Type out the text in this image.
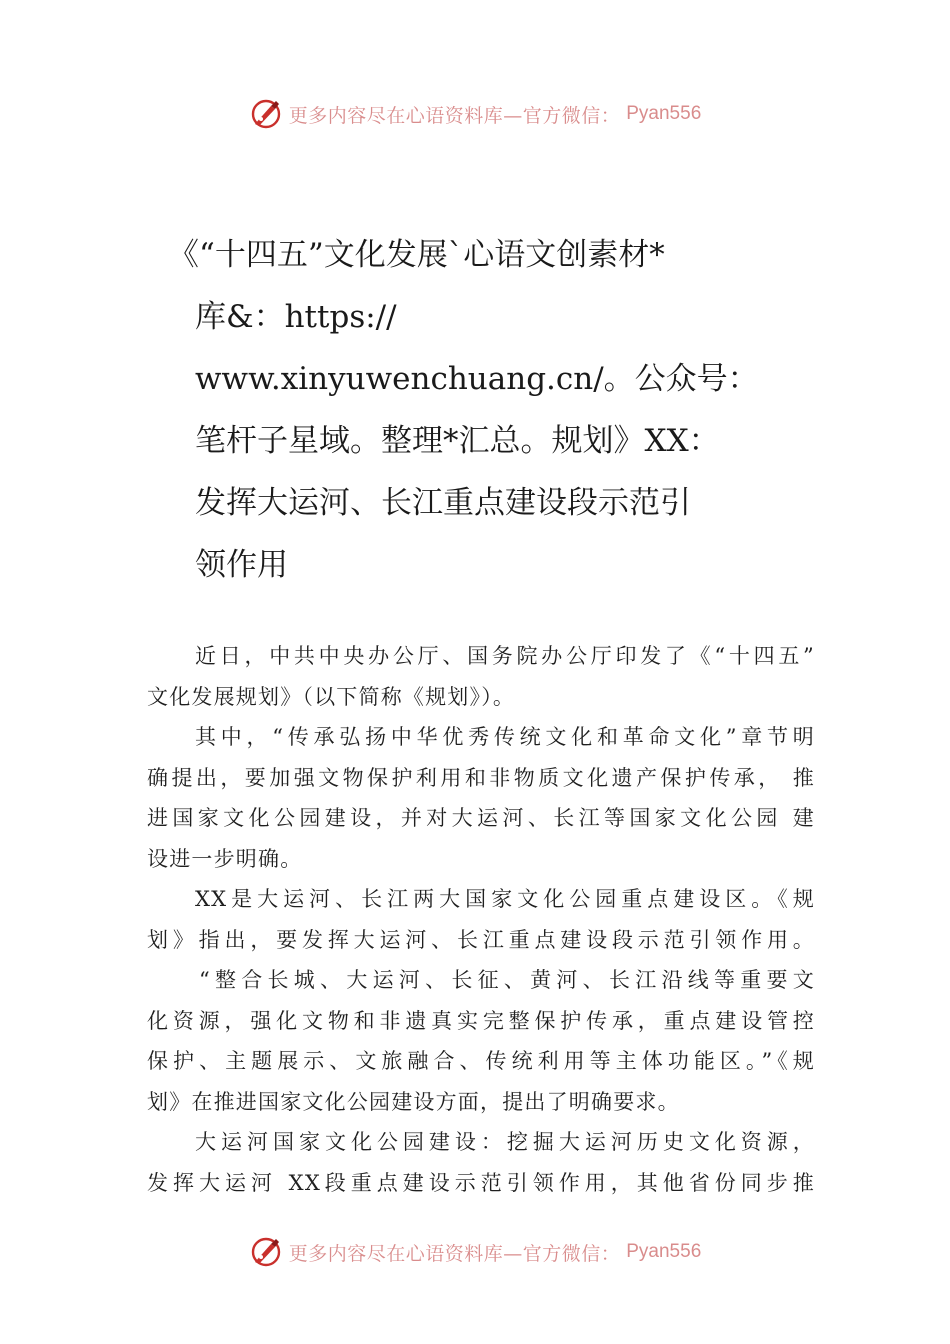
更多内容尽在心语资料库—官方微信： Pyan556
《“十四五”文化发展`心语文创素材*
库&：https://
www.xinyuwenchuang.cn/。公众号：
笔杆子星域。整理*汇总。规划》XX：
发挥大运河、长江重点建设段示范引
领作用
近日，中共中央办公厅、国务院办公厅印发了《“十四五”
文化发展规划》（以下简称《规划》）。
其中，“传承弘扬中华优秀传统文化和革命文化”章节明
确提出，要加强文物保护利用和非物质文化遗产保护传承， 推
进国家文化公园建设，并对大运河、长江等国家文化公园 建
设进一步明确。
XX是大运河、长江两大国家文化公园重点建设区。《规
划》指出，要发挥大运河、长江重点建设段示范引领作用。
“整合长城、大运河、长征、黄河、长江沿线等重要文
化资源，强化文物和非遗真实完整保护传承，重点建设管控
保护、主题展示、文旅融合、传统利用等主体功能区。”《规
划》在推进国家文化公园建设方面，提出了明确要求。
大运河国家文化公园建设：挖掘大运河历史文化资源，
发挥大运河 XX段重点建设示范引领作用，其他省份同步推
更多内容尽在心语资料库—官方微信： Pyan556
